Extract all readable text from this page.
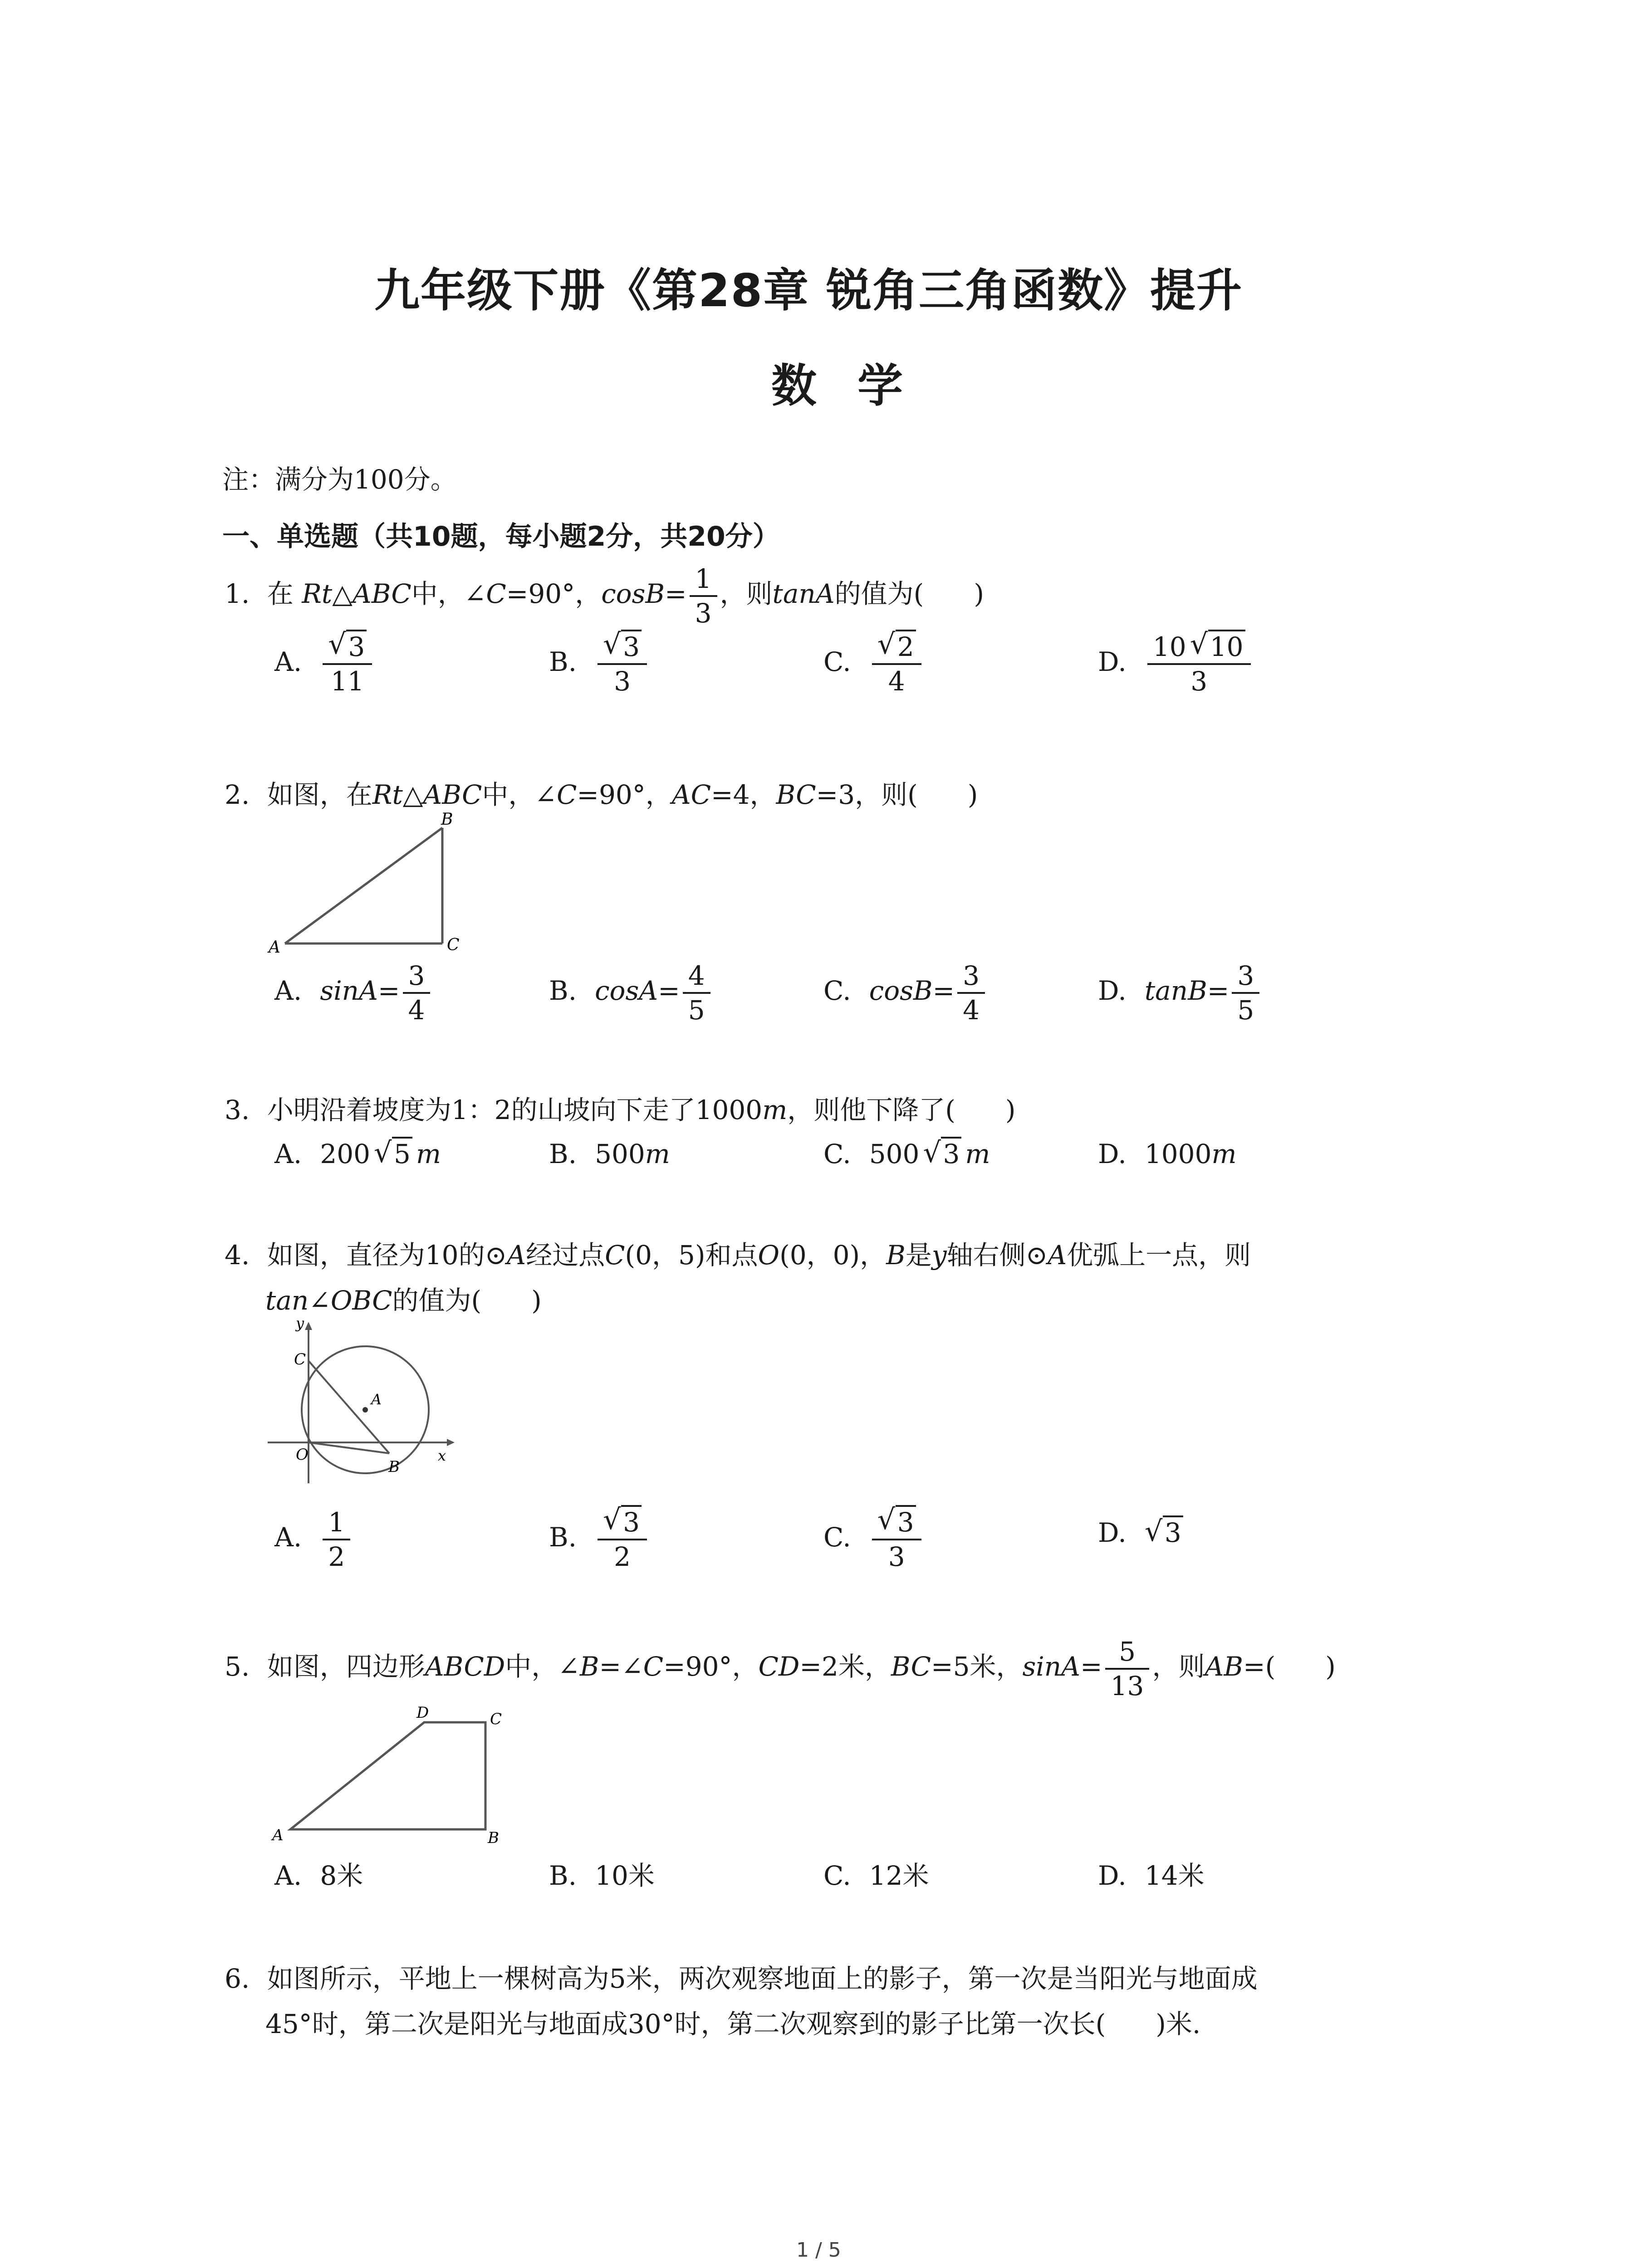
九年级下册《第28章 锐角三角函数》提升
数学
注：满分为100分。
一、单选题（共10题，每小题2分，共20分）
1. 在 Rt△ABC中，∠C=90°，$\cos B= \frac{1}{3}$ ，则tanA的值为( )
A. √ $\frac{3}{11}$	B. √ $\frac{3}{3}$	C. √ $\frac{2}{4}$	D. $\frac{10 √ 10}{3}$
2. 如图，在Rt△ABC中，∠C=90°，AC=4，BC=3，则( )
A
B
C
A. $\sin A= \frac{3}{4}$	B. $\cos A= \frac{4}{5}$	C. $\cos B= \frac{3}{4}$	D. $\tan B= \frac{3}{5}$
3. 小明沿着坡度为1：2的山坡向下走了1000m，则他下降了( )
A. 200 √ 5 m	B. 500m	C. 500 √ 3 m	D. 1000m
4. 如图，直径为10的⊙A经过点C(0，5)和点O(0，0)，B是y轴右侧⊙A优弧上一点，则
tan∠OBC的值为( )
y
x
C
A
O
B
A. $\frac{1}{2}$	B. √ $\frac{3}{2}$	C. √ $\frac{3}{3}$	D. √ 3
5. 如图，四边形ABCD中，∠B=∠C=90°，CD=2米，BC=5米，$\sin A= \frac{5}{13}$ ，则AB=( )
A	B
C
D
A. 8米	B. 10米	C. 12米	D. 14米
6. 如图所示，平地上一棵树高为5米，两次观察地面上的影子，第一次是当阳光与地面成
45°时，第二次是阳光与地面成30°时，第二次观察到的影子比第一次长( )米.
1 / 5
